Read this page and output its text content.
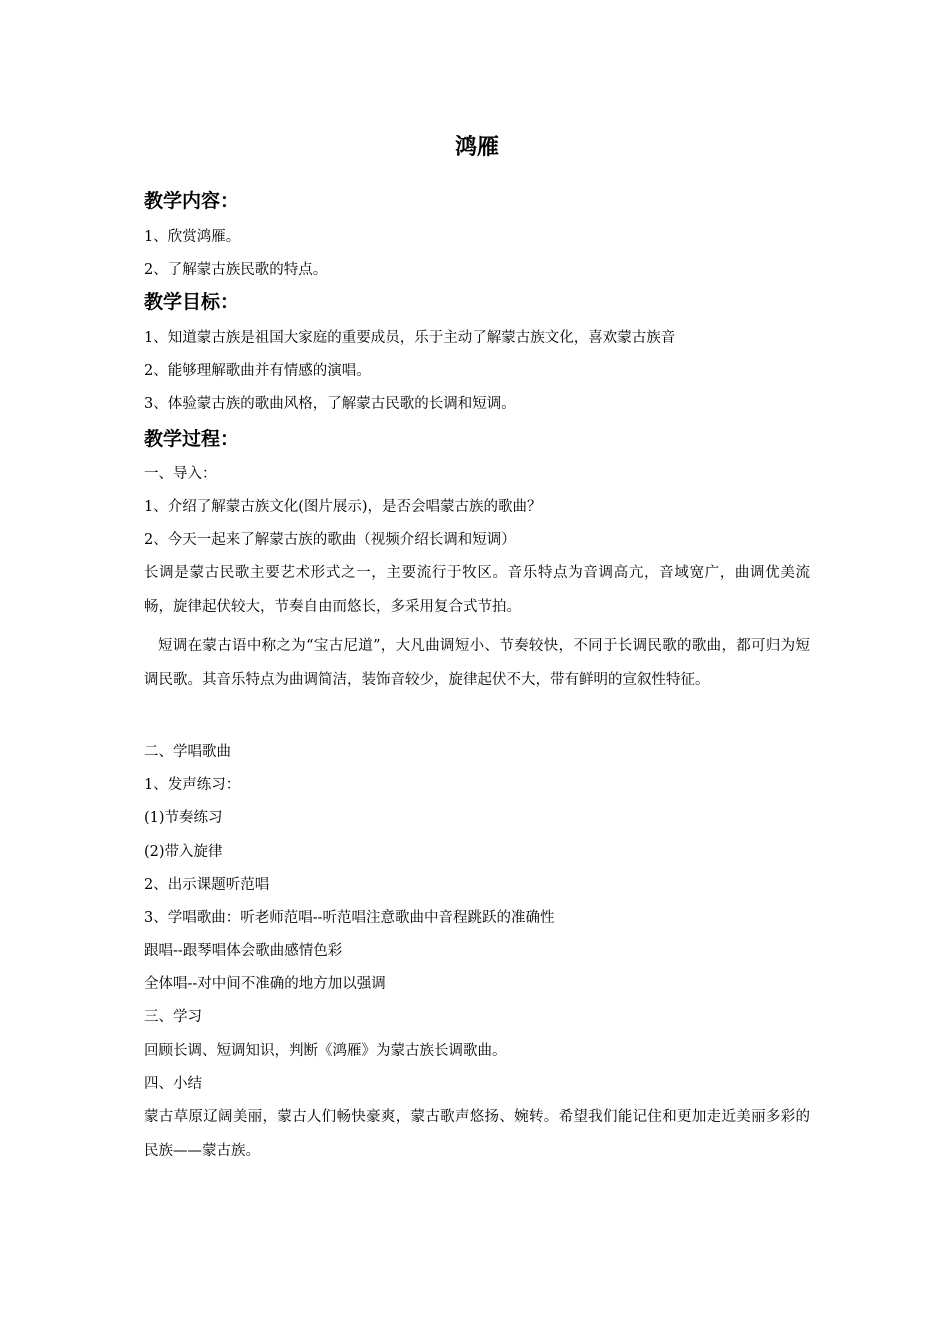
鸿雁
教学内容：
1、欣赏鸿雁。
2、了解蒙古族民歌的特点。
教学目标：
1、知道蒙古族是祖国大家庭的重要成员，乐于主动了解蒙古族文化，喜欢蒙古族音
2、能够理解歌曲并有情感的演唱。
3、体验蒙古族的歌曲风格，了解蒙古民歌的长调和短调。
教学过程：
一、导入：
1、介绍了解蒙古族文化(图片展示)，是否会唱蒙古族的歌曲？
2、今天一起来了解蒙古族的歌曲（视频介绍长调和短调）
长调是蒙古民歌主要艺术形式之一，主要流行于牧区。音乐特点为音调高亢，音域宽广，曲调优美流畅，旋律起伏较大，节奏自由而悠长，多采用复合式节拍。
短调在蒙古语中称之为“宝古尼道”，大凡曲调短小、节奏较快，不同于长调民歌的歌曲，都可归为短调民歌。其音乐特点为曲调简洁，装饰音较少，旋律起伏不大，带有鲜明的宣叙性特征。
二、学唱歌曲
1、发声练习：
(1)节奏练习
(2)带入旋律
2、出示课题听范唱
3、学唱歌曲：听老师范唱--听范唱注意歌曲中音程跳跃的准确性
跟唱--跟琴唱体会歌曲感情色彩
全体唱--对中间不准确的地方加以强调
三、学习
回顾长调、短调知识，判断《鸿雁》为蒙古族长调歌曲。
四、小结
蒙古草原辽阔美丽，蒙古人们畅快豪爽，蒙古歌声悠扬、婉转。希望我们能记住和更加走近美丽多彩的民族——蒙古族。
